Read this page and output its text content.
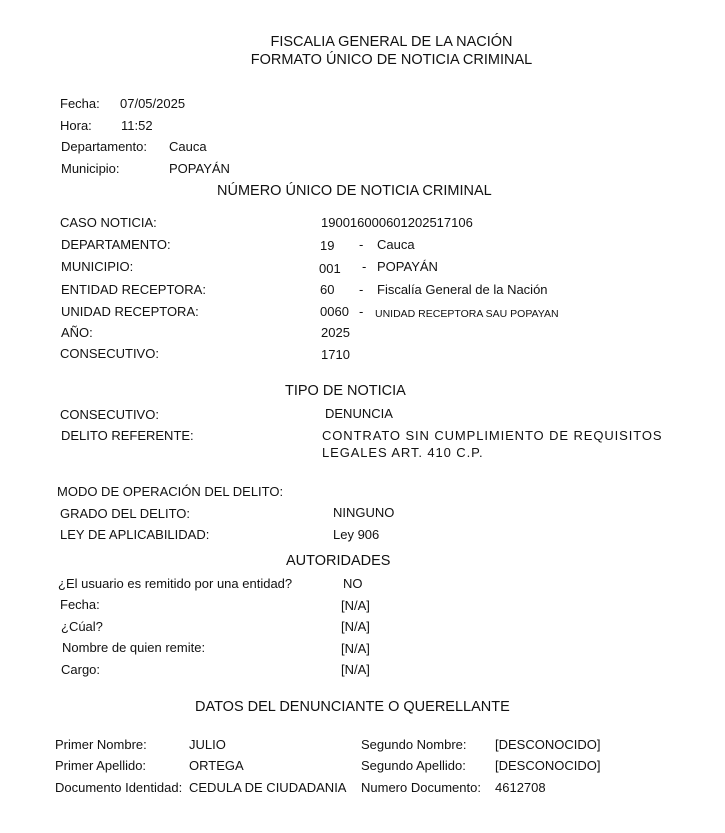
FISCALIA GENERAL DE LA NACIÓN
FORMATO ÚNICO DE NOTICIA CRIMINAL
Fecha: 07/05/2025
Hora: 11:52
Departamento: Cauca
Municipio:	POPAYÁN
NÚMERO ÚNICO DE NOTICIA CRIMINAL
CASO NOTICIA:	190016000601202517106
DEPARTAMENTO:	19 - Cauca
MUNICIPIO:	001 - POPAYÁN
ENTIDAD RECEPTORA:	60 - Fiscalía General de la Nación
UNIDAD RECEPTORA:	0060 - UNIDAD RECEPTORA SAU POPAYAN
AÑO:	2025
CONSECUTIVO:	1710
TIPO DE NOTICIA
CONSECUTIVO:	DENUNCIA
DELITO REFERENTE:	CONTRATO SIN CUMPLIMIENTO DE REQUISITOS
LEGALES ART. 410 C.P.
MODO DE OPERACIÓN DEL DELITO:
GRADO DEL DELITO:	NINGUNO
LEY DE APLICABILIDAD:	Ley 906
AUTORIDADES
¿El usuario es remitido por una entidad?	NO
Fecha:	[N/A]
¿Cúal?	[N/A]
Nombre de quien remite:	[N/A]
Cargo:	[N/A]
DATOS DEL DENUNCIANTE O QUERELLANTE
Primer Nombre:	JULIO	Segundo Nombre: [DESCONOCIDO]
Primer Apellido:	ORTEGA	Segundo Apellido: [DESCONOCIDO]
Documento Identidad: CEDULA DE CIUDADANIA Numero Documento: 4612708
